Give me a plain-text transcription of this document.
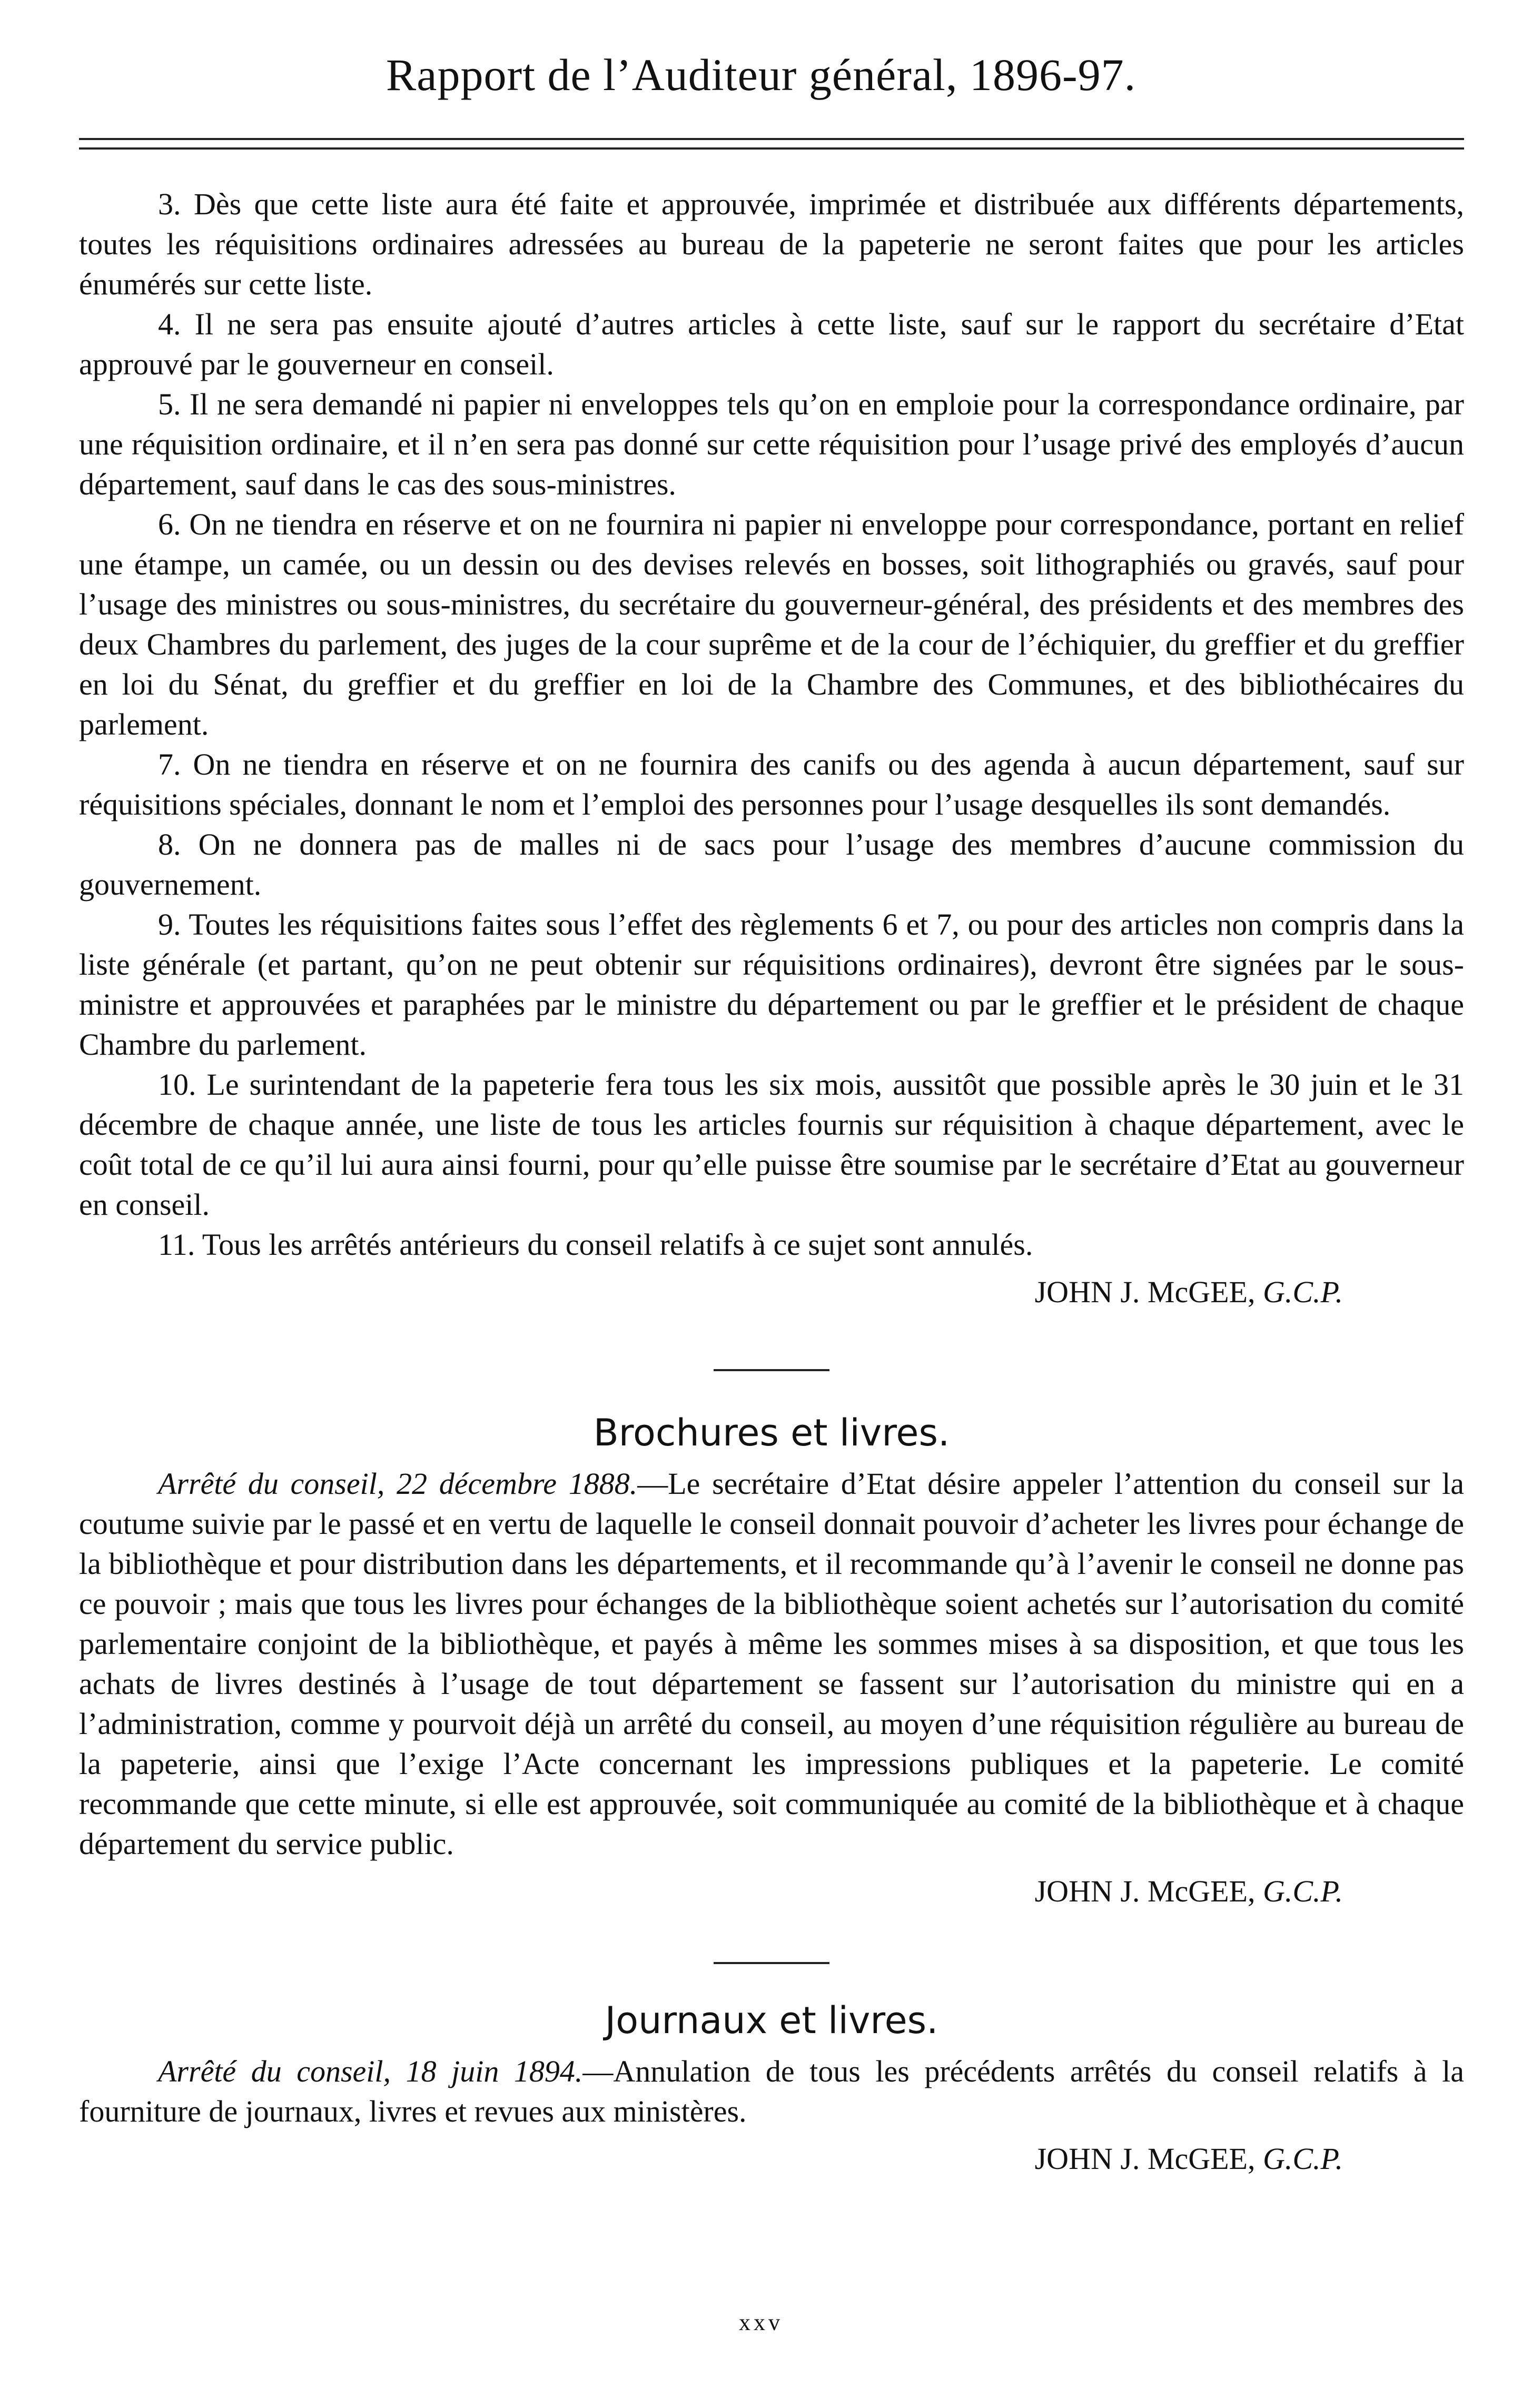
Rapport de l’Auditeur général, 1896-97.

3. Dès que cette liste aura été faite et approuvée, imprimée et distribuée aux différents départements, toutes les réquisitions ordinaires adressées au bureau de la papeterie ne seront faites que pour les articles énumérés sur cette liste.

4. Il ne sera pas ensuite ajouté d’autres articles à cette liste, sauf sur le rapport du secrétaire d’Etat approuvé par le gouverneur en conseil.

5. Il ne sera demandé ni papier ni enveloppes tels qu’on en emploie pour la correspondance ordinaire, par une réquisition ordinaire, et il n’en sera pas donné sur cette réquisition pour l’usage privé des employés d’aucun département, sauf dans le cas des sous-ministres.

6. On ne tiendra en réserve et on ne fournira ni papier ni enveloppe pour correspondance, portant en relief une étampe, un camée, ou un dessin ou des devises relevés en bosses, soit lithographiés ou gravés, sauf pour l’usage des ministres ou sous-ministres, du secrétaire du gouverneur-général, des présidents et des membres des deux Chambres du parlement, des juges de la cour suprême et de la cour de l’échiquier, du greffier et du greffier en loi du Sénat, du greffier et du greffier en loi de la Chambre des Communes, et des bibliothécaires du parlement.

7. On ne tiendra en réserve et on ne fournira des canifs ou des agenda à aucun département, sauf sur réquisitions spéciales, donnant le nom et l’emploi des personnes pour l’usage desquelles ils sont demandés.

8. On ne donnera pas de malles ni de sacs pour l’usage des membres d’aucune commission du gouvernement.

9. Toutes les réquisitions faites sous l’effet des règlements 6 et 7, ou pour des articles non compris dans la liste générale (et partant, qu’on ne peut obtenir sur réquisitions ordinaires), devront être signées par le sous-ministre et approuvées et paraphées par le ministre du département ou par le greffier et le président de chaque Chambre du parlement.

10. Le surintendant de la papeterie fera tous les six mois, aussitôt que possible après le 30 juin et le 31 décembre de chaque année, une liste de tous les articles fournis sur réquisition à chaque département, avec le coût total de ce qu’il lui aura ainsi fourni, pour qu’elle puisse être soumise par le secrétaire d’Etat au gouverneur en conseil.

11. Tous les arrêtés antérieurs du conseil relatifs à ce sujet sont annulés.

JOHN J. McGEE, G.C.P.
Brochures et livres.

Arrêté du conseil, 22 décembre 1888.—Le secrétaire d’Etat désire appeler l’attention du conseil sur la coutume suivie par le passé et en vertu de laquelle le conseil donnait pouvoir d’acheter les livres pour échange de la bibliothèque et pour distribution dans les départements, et il recommande qu’à l’avenir le conseil ne donne pas ce pouvoir ; mais que tous les livres pour échanges de la bibliothèque soient achetés sur l’autorisation du comité parlementaire conjoint de la bibliothèque, et payés à même les sommes mises à sa disposition, et que tous les achats de livres destinés à l’usage de tout département se fassent sur l’autorisation du ministre qui en a l’administration, comme y pourvoit déjà un arrêté du conseil, au moyen d’une réquisition régulière au bureau de la papeterie, ainsi que l’exige l’Acte concernant les impressions publiques et la papeterie. Le comité recommande que cette minute, si elle est approuvée, soit communiquée au comité de la bibliothèque et à chaque département du service public.

JOHN J. McGEE, G.C.P.
Journaux et livres.

Arrêté du conseil, 18 juin 1894.—Annulation de tous les précédents arrêtés du conseil relatifs à la fourniture de journaux, livres et revues aux ministères.

JOHN J. McGEE, G.C.P.
xxv
